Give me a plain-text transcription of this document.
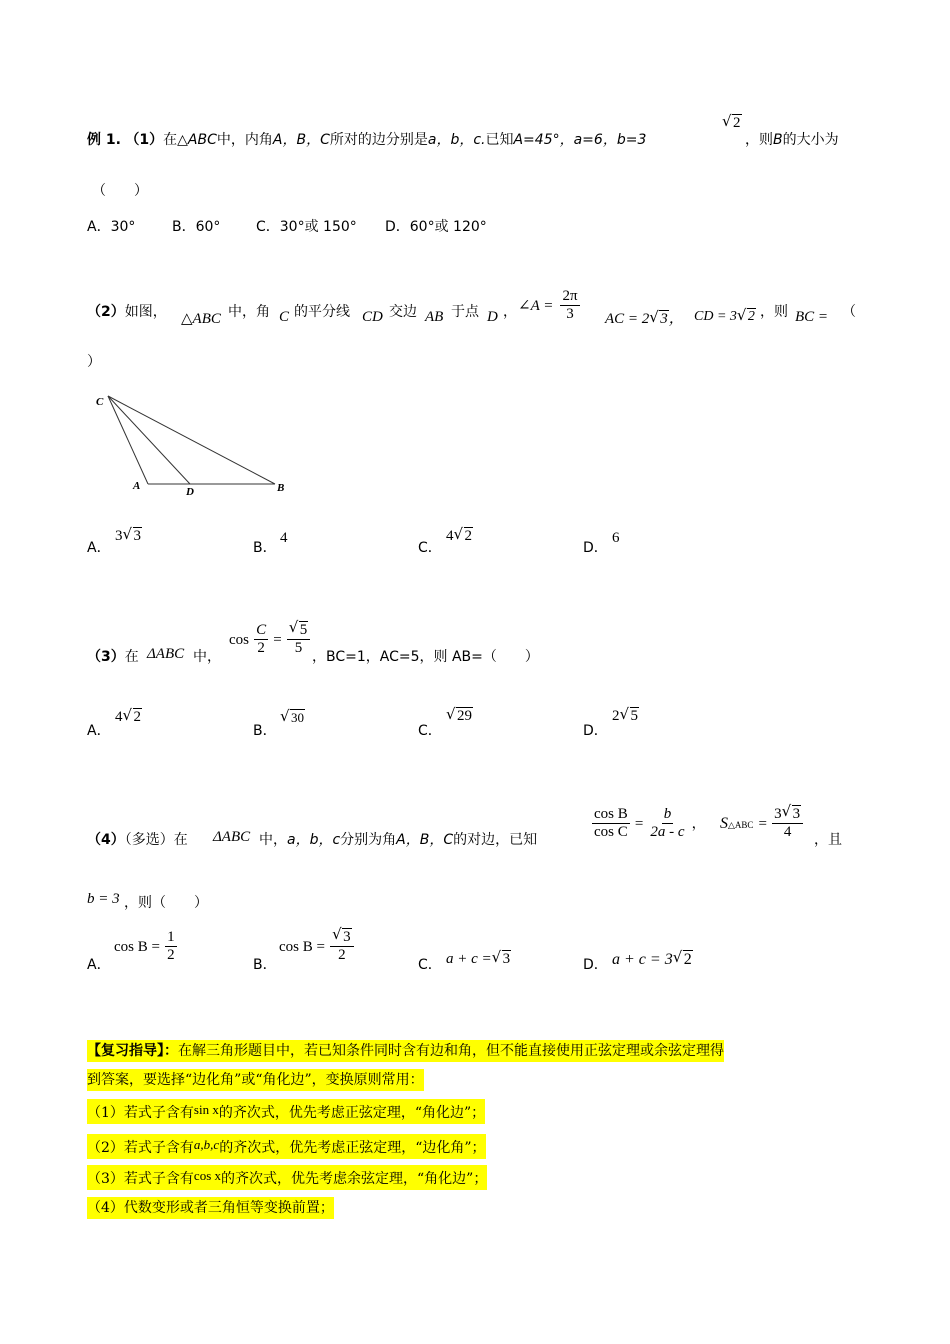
例 1. （1）在△ABC中，内角A，B，C所对的边分别是a，b，c.已知A=45°，a=6，b=3
√ 2
，则B的大小为
（　　）
A．30°	B．60°	C．30°或 150° D．60°或 120°
（2）如图， △ABC 中，角 C 的平分线 CD 交边 AB 于点 D ， ∠A = $\frac{2\pi}{3}$ AC = 2 √ 3， CD = 3 √ 2 ，则 BC = （
）
C
A	D	B
A．
3 √ 3
B．
4
C．
4 √ 2
D．
6
（3）在 ΔABC 中，
$\cos \frac{C}{2}$ = √ $\frac{5}{5}$ ，BC=1，AC=5，则 AB=（　　）
A．
4 √ 2
B．
√ 30
C．
√ 29
D．
2 √ 5
（4）（多选）在 ΔABC 中，a，b，c分别为角A，B，C的对边，已知	$\frac{\text{cos B}}{\text{cos C}} = \frac{b}{2a - c}$ ， S△ABC = $\frac{3 √ 3}{4}$ ，且
b = 3 ，则（　　）
A．
$\cos B = \frac{1}{2}$
B．
cos B = √ $\frac{3}{2}$
C． a + c = √ 3	D． a + c = 3 √ 2
【复习指导】：在解三角形题目中，若已知条件同时含有边和角，但不能直接使用正弦定理或余弦定理得
到答案，要选择“边化角”或“角化边”，变换原则常用：
（1）若式子含有sin x的齐次式，优先考虑正弦定理，“角化边”；
（2）若式子含有a,b,c的齐次式，优先考虑正弦定理，“边化角”；
（3）若式子含有cos x的齐次式，优先考虑余弦定理，“角化边”；
（4）代数变形或者三角恒等变换前置；
